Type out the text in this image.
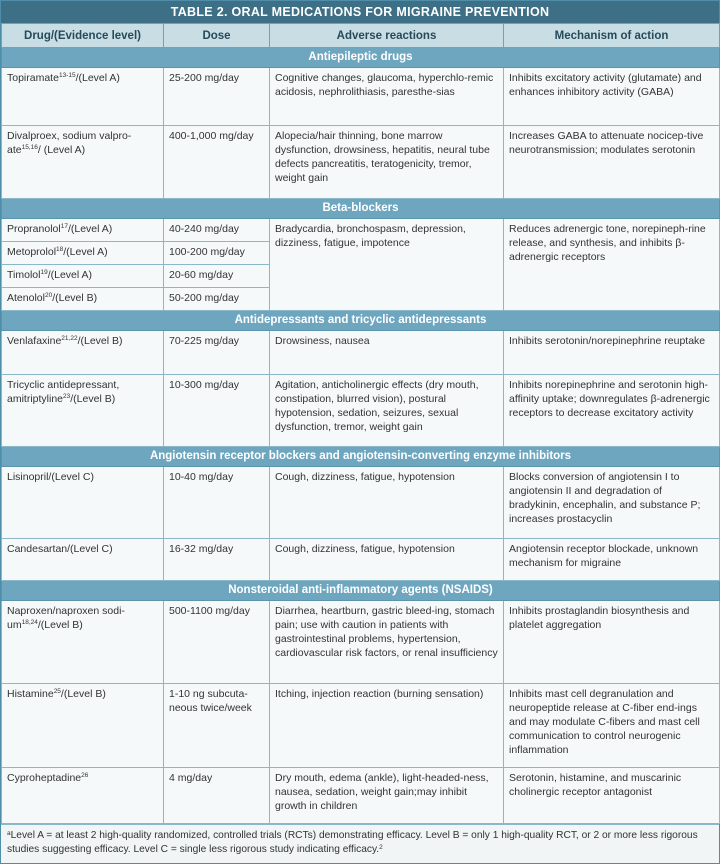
TABLE 2. ORAL MEDICATIONS FOR MIGRAINE PREVENTION
Drug/(Evidence level)	Dose	Adverse reactions	Mechanism of action
Antiepileptic drugs			
Topiramate$^{13-15}$/(Level A)	25-200 mg/day	Cognitive changes, glaucoma, hyperchlo-remic acidosis, nephrolithiasis, paresthe-sias	Inhibits excitatory activity (glutamate) and enhances inhibitory activity (GABA)
Divalproex, sodium valpro-ate$^{15,16}$/ (Level A)	400-1,000 mg/day	Alopecia/hair thinning, bone marrow dysfunction, drowsiness, hepatitis, neural tube defects pancreatitis, teratogenicity, tremor, weight gain	Increases GABA to attenuate nocicep-tive neurotransmission; modulates serotonin
Beta-blockers			
Propranolol$^{17}$/(Level A)	40-240 mg/day	Bradycardia, bronchospasm, depression, dizziness, fatigue, impotence	Reduces adrenergic tone, norepineph-rine release, and synthesis, and inhibits β-adrenergic receptors
Metoprolol$^{18}$/(Level A)	100-200 mg/day		
Timolol$^{19}$/(Level A)	20-60 mg/day		
Atenolol$^{20}$/(Level B)	50-200 mg/day		
Antidepressants and tricyclic antidepressants			
Venlafaxine$^{21,22}$/(Level B)	70-225 mg/day	Drowsiness, nausea	Inhibits serotonin/norepinephrine reuptake
Tricyclic antidepressant, amitriptyline$^{23}$/(Level B)	10-300 mg/day	Agitation, anticholinergic effects (dry mouth, constipation, blurred vision), postural hypotension, sedation, seizures, sexual dysfunction, tremor, weight gain	Inhibits norepinephrine and serotonin high-affinity uptake; downregulates β-adrenergic receptors to decrease excitatory activity
Angiotensin receptor blockers and angiotensin-converting enzyme inhibitors			
Lisinopril/(Level C)	10-40 mg/day	Cough, dizziness, fatigue, hypotension	Blocks conversion of angiotensin I to angiotensin II and degradation of bradykinin, encephalin, and substance P; increases prostacyclin
Candesartan/(Level C)	16-32 mg/day	Cough, dizziness, fatigue, hypotension	Angiotensin receptor blockade, unknown mechanism for migraine
Nonsteroidal anti-inflammatory agents (NSAIDS)			
Naproxen/naproxen sodi-um$^{18,24}$/(Level B)	500-1100 mg/day	Diarrhea, heartburn, gastric bleed-ing, stomach pain; use with caution in patients with gastrointestinal problems, hypertension, cardiovascular risk factors, or renal insufficiency	Inhibits prostaglandin biosynthesis and platelet aggregation
Histamine$^{25}$/(Level B)	1-10 ng subcuta-neous twice/week	Itching, injection reaction (burning sensation)	Inhibits mast cell degranulation and neuropeptide release at C-fiber end-ings and may modulate C-fibers and mast cell communication to control neurogenic inflammation
Cyproheptadine$^{26}$	4 mg/day	Dry mouth, edema (ankle), light-headed-ness, nausea, sedation, weight gain;may inhibit growth in children	Serotonin, histamine, and muscarinic cholinergic receptor antagonist
$^a$Level A = at least 2 high-quality randomized, controlled trials (RCTs) demonstrating efficacy. Level B = only 1 high-quality RCT, or 2 or more less rigorous studies suggesting efficacy. Level C = single less rigorous study indicating efficacy.$^2$
